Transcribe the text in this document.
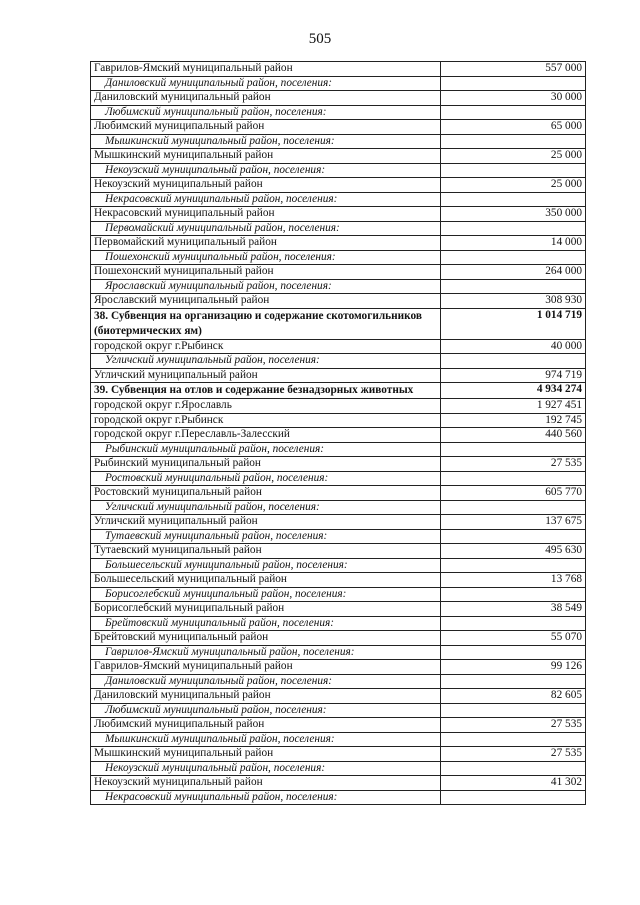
505
Гаврилов-Ямский муниципальный район	557 000
Даниловский муниципальный район, поселения:	
Даниловский муниципальный район	30 000
Любимский муниципальный район, поселения:	
Любимский муниципальный район	65 000
Мышкинский муниципальный район, поселения:	
Мышкинский муниципальный район	25 000
Некоузский муниципальный район, поселения:	
Некоузский муниципальный район	25 000
Некрасовский муниципальный район, поселения:	
Некрасовский муниципальный район	350 000
Первомайский муниципальный район, поселения:	
Первомайский муниципальный район	14 000
Пошехонский муниципальный район, поселения:	
Пошехонский муниципальный район	264 000
Ярославский муниципальный район, поселения:	
Ярославский муниципальный район	308 930
38. Субвенция на организацию и содержание скотомогильников (биотермических ям)	1 014 719
городской округ г.Рыбинск	40 000
Угличский муниципальный район, поселения:	
Угличский муниципальный район	974 719
39. Субвенция на отлов и содержание безнадзорных животных	4 934 274
городской округ г.Ярославль	1 927 451
городской округ г.Рыбинск	192 745
городской округ г.Переславль-Залесский	440 560
Рыбинский муниципальный район, поселения:	
Рыбинский муниципальный район	27 535
Ростовский муниципальный район, поселения:	
Ростовский муниципальный район	605 770
Угличский муниципальный район, поселения:	
Угличский муниципальный район	137 675
Тутаевский муниципальный район, поселения:	
Тутаевский муниципальный район	495 630
Большесельский муниципальный район, поселения:	
Большесельский муниципальный район	13 768
Борисоглебский муниципальный район, поселения:	
Борисоглебский муниципальный район	38 549
Брейтовский муниципальный район, поселения:	
Брейтовский муниципальный район	55 070
Гаврилов-Ямский муниципальный район, поселения:	
Гаврилов-Ямский муниципальный район	99 126
Даниловский муниципальный район, поселения:	
Даниловский муниципальный район	82 605
Любимский муниципальный район, поселения:	
Любимский муниципальный район	27 535
Мышкинский муниципальный район, поселения:	
Мышкинский муниципальный район	27 535
Некоузский муниципальный район, поселения:	
Некоузский муниципальный район	41 302
Некрасовский муниципальный район, поселения:	
